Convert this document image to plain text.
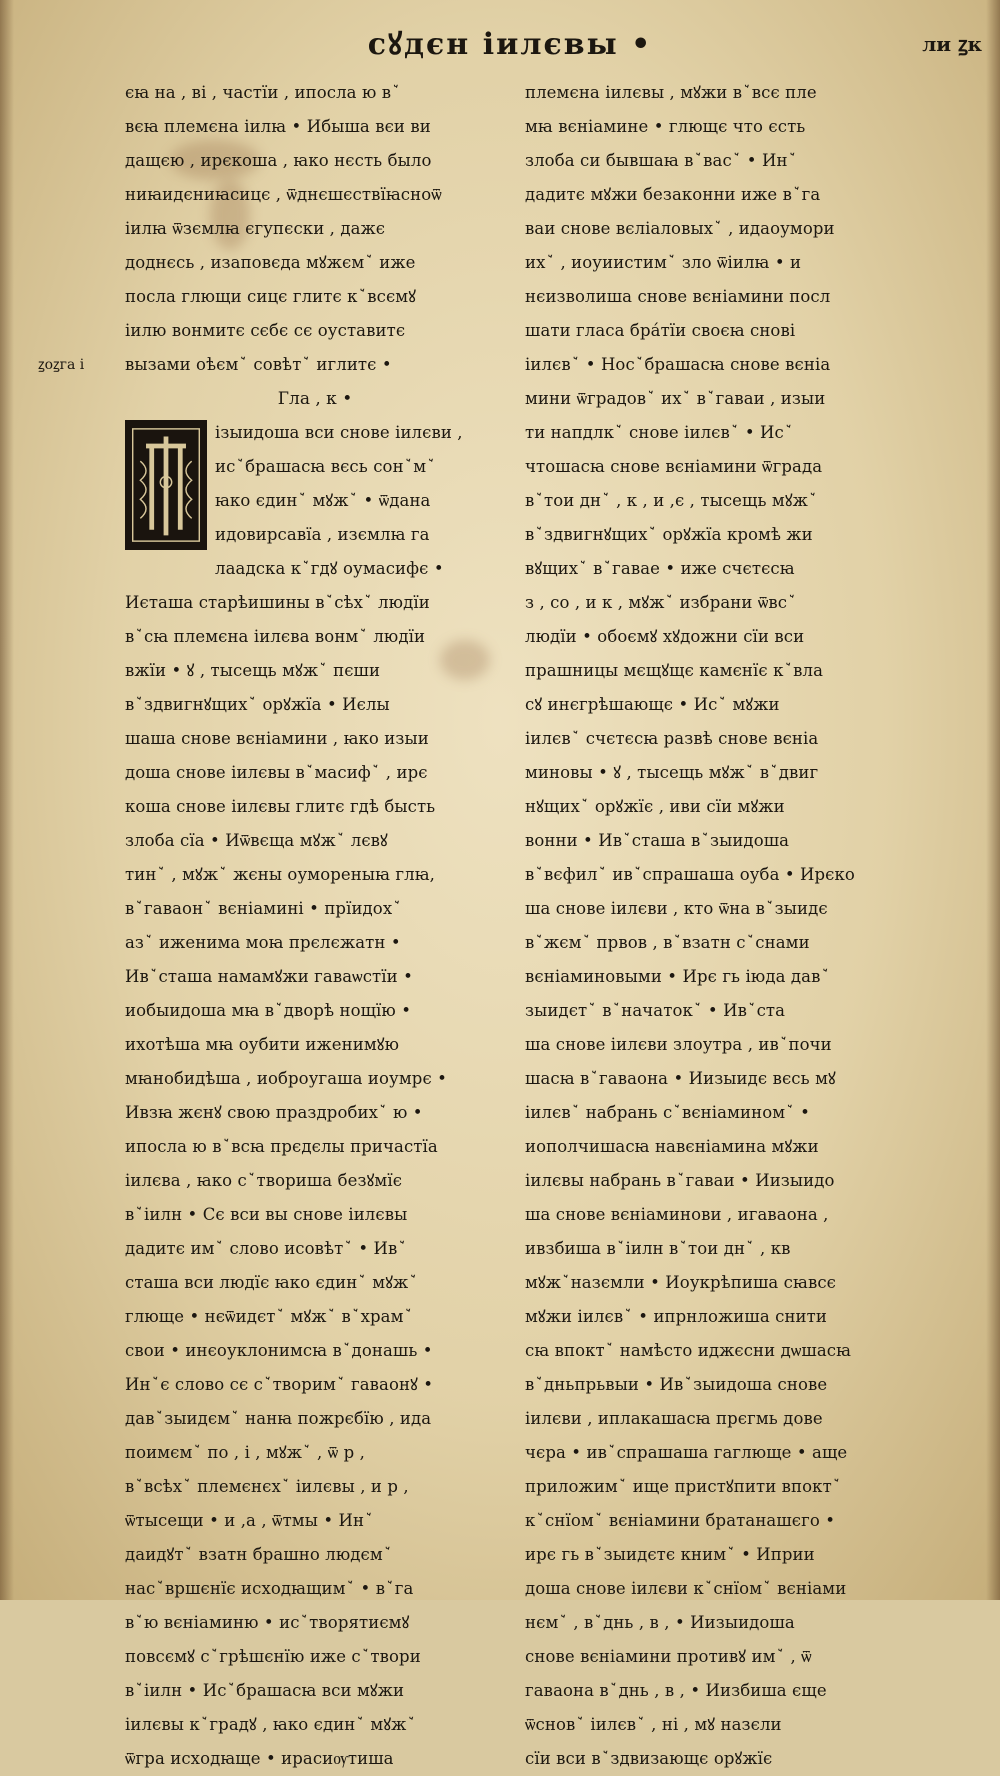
сꙋдєн іилєвы •	ли ꙁк
ꙁоꙁга і
єꙗ на , ві , частїи , ипосла ю вꙿ
вєꙗ племєна іилꙗ • Ибыша вєи ви
дащєю , ирєкоша , ꙗко нєсть было
ниꙗидєниꙗсицє , ѿднєшєствїꙗсноѿ
іилꙗ ѿзємлꙗ єгупєски , дажє
доднєсь , изаповєда мꙋжємꙿ иже
посла глющи сицє глитє кꙿвсємꙋ
іилю вонмитє сєбє сє оуставитє
вызами оѣємꙿ совѣтꙿ иглитє •
Гла , к •
ізыидоша вси снове іилєви ,
исꙿбрашасꙗ вєсь сонꙿмꙿ
ꙗко єдинꙿ мꙋжꙿ • ѿдана
идовирсавїа , изємлꙗ га
лаадска кꙿгдꙋ оумасифє •
Иєташа старѣишины вꙿсѣхꙿ людїи
вꙿсꙗ племєна іилєва вонмꙿ людїи
вжїи • ꙋ , тысещь мꙋжꙿ пєши
вꙿздвигнꙋщихꙿ орꙋжїа • Иєлы
шаша снове вєніамини , ꙗко изыи
доша снове іилєвы вꙿмасифꙿ , ирє
коша снове іилєвы глитє гдѣ бысть
злоба сїа • Иѿвєща мꙋжꙿ лєвꙋ
тинꙿ , мꙋжꙿ жєны оумореныꙗ глꙗ,
вꙿгаваонꙿ вєніамині • прїидохꙿ
азꙿ иженима моꙗ прєлєжатн •
Ивꙿсташа намамꙋжи гаваѡстїи •
иобыидоша мꙗ вꙿдворѣ нощїю •
ихотѣша мꙗ оубити иженимꙋю
мꙗнобидѣша , иоброугаша иоумрє •
Ивзꙗ жєнꙋ свою праздробихꙿ ю •
ипосла ю вꙿвсꙗ прєдєлы причастїа
іилєва , ꙗко сꙿтвориша безꙋмїє
вꙿіилн • Сє вси вы снове іилєвы
дадитє имꙿ слово исовѣтꙿ • Ивꙿ
сташа вси людїє ꙗко єдинꙿ мꙋжꙿ
глюще • нєѿидєтꙿ мꙋжꙿ вꙿхрамꙿ
свои • инєоуклонимсꙗ вꙿдонашь •
Инꙿє слово сє сꙿтворимꙿ гаваонꙋ •
давꙿзыидємꙿ нанꙗ пожрєбїю , ида
поимємꙿ по , і , мꙋжꙿ , ѿ р ,
вꙿвсѣхꙿ племєнєхꙿ іилєвы , и р ,
ѿтысещи • и ,а , ѿтмы • Инꙿ
даидꙋтꙿ взатн брашно людємꙿ
насꙿвршєнїє исходꙗщимꙿ • вꙿга
вꙿю вєніаминю • исꙿтворятиємꙋ
повсємꙋ сꙿгрѣшєнїю иже сꙿтвори
вꙿіилн • Исꙿбрашасꙗ вси мꙋжи
іилєвы кꙿградꙋ , ꙗко єдинꙿ мꙋжꙿ
ѿгра исходꙗще • ирасиѹтиша
племєна іилєвы , мꙋжи вꙿвсє пле
мꙗ вєніамине • глющє что єсть
злоба си бывшаꙗ вꙿвасꙿ • Инꙿ
дадитє мꙋжи безаконни иже вꙿга
ваи снове вєліаловыхꙿ , идаоумори
ихꙿ , иоуиистимꙿ зло ѿіилꙗ • и
нєизволиша снове вєніамини посл
шати гласа бра́тїи своєꙗ снові
іилєвꙿ • Носꙿбрашасꙗ снове вєніа
мини ѿградовꙿ ихꙿ вꙿгаваи , изыи
ти напдлкꙿ снове іилєвꙿ • Исꙿ
чтошасꙗ снове вєніамини ѿграда
вꙿтои днꙿ , к , и ,є , тысещь мꙋжꙿ
вꙿздвигнꙋщихꙿ орꙋжїа кромѣ жи
вꙋщихꙿ вꙿгавае • иже счєтєсꙗ
з , со , и к , мꙋжꙿ избрани ѿвсꙿ
людїи • обоємꙋ хꙋдожни сїи вси
прашницы мєщꙋщє камєнїє кꙿвла
сꙋ инєгрѣшающє • Исꙿ мꙋжи
іилєвꙿ счєтєсꙗ развѣ снове вєніа
миновы • ꙋ , тысещь мꙋжꙿ вꙿдвиг
нꙋщихꙿ орꙋжїє , иви сїи мꙋжи
вонни • Ивꙿсташа вꙿзыидоша
вꙿвєфилꙿ ивꙿспрашаша оуба • Ирєко
ша снове іилєви , кто ѿна вꙿзыидє
вꙿжємꙿ првов , вꙿвзатн сꙿснами
вєніаминовыми • Ирє гь іюда давꙿ
зыидєтꙿ вꙿначатокꙿ • Ивꙿста
ша снове іилєви злоутра , ивꙿпочи
шасꙗ вꙿгаваона • Иизыидє вєсь мꙋ
іилєвꙿ набрань сꙿвєніаминомꙿ •
иополчишасꙗ навєніамина мꙋжи
іилєвы набрань вꙿгаваи • Иизыидо
ша снове вєніаминови , игаваона ,
ивзбиша вꙿіилн вꙿтои днꙿ , кв
мꙋжꙿназємли • Иоукрѣпиша сꙗвсє
мꙋжи іилєвꙿ • ипрнложиша снити
сꙗ впоктꙿ намѣсто иджєсни дѡшасꙗ
вꙿдньпрьвыи • Ивꙿзыидоша снове
іилєви , иплакашасꙗ прєгмь дове
чєра • ивꙿспрашаша гаглюще • аще
приложимꙿ ище пристꙋпити впоктꙿ
кꙿснїомꙿ вєніамини братанашєго •
ирє гь вꙿзыидєтє книмꙿ • Иприи
доша снове іилєви кꙿснїомꙿ вєніами
нємꙿ , вꙿднь , в , • Иизыидоша
снове вєніамини противꙋ имꙿ , ѿ
гаваона вꙿднь , в , • Иизбиша єще
ѿсновꙿ іилєвꙿ , ні , мꙋ назєли
сїи вси вꙿздвизающє орꙋжїє
